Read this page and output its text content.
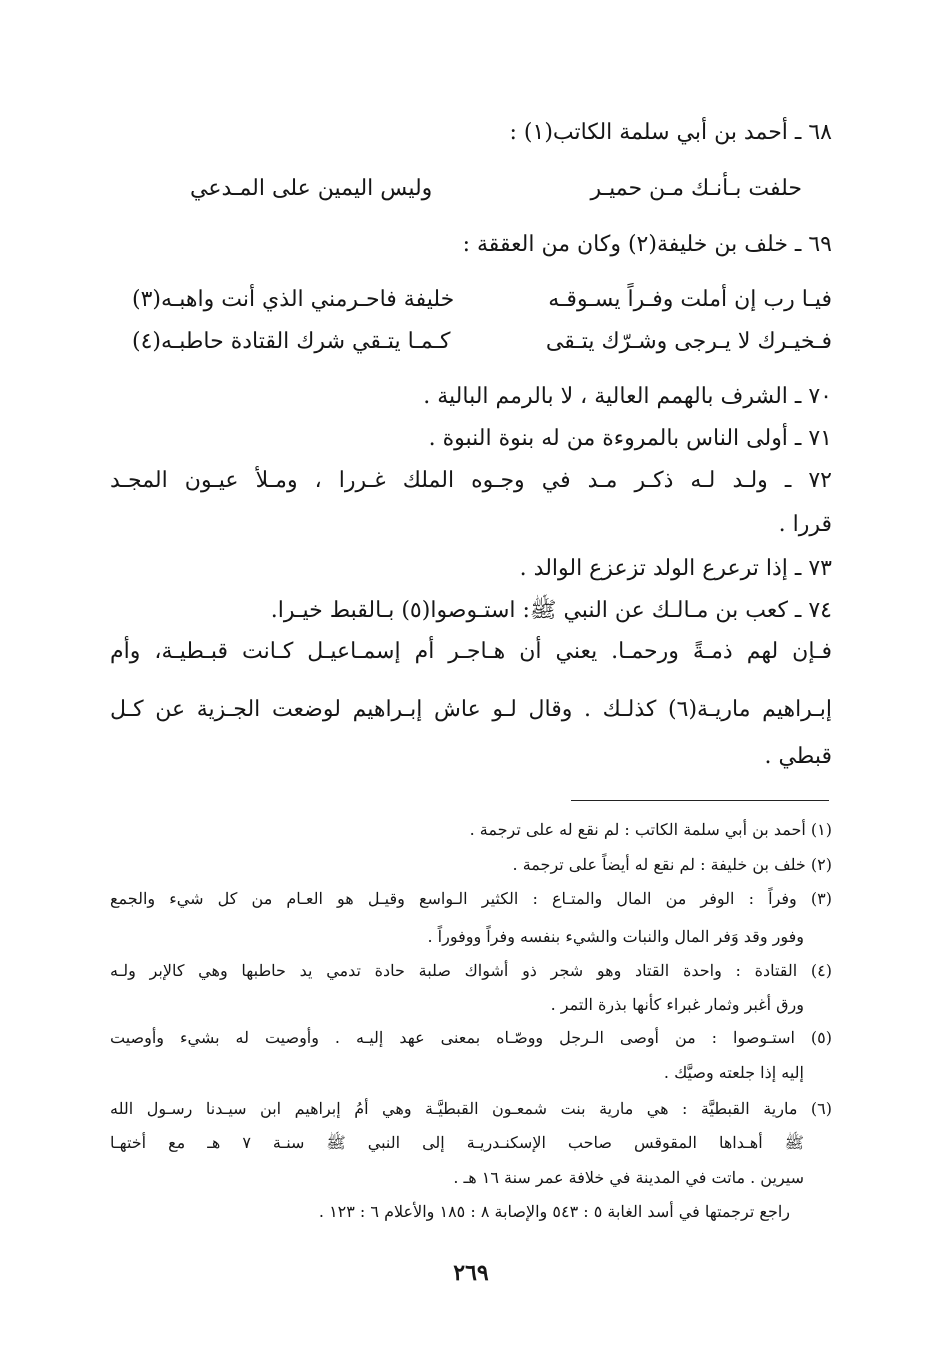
٦٨ ـ أحمد بن أبي سلمة الكاتب(١) :
حلفت بـأنـك مـن حميـر
وليس اليمين على المـدعي
٦٩ ـ خلف بن خليفة(٢) وكان من العققة :
فيـا رب إن أملت وفـراً يسـوقـه
خليفة فاحـرمني الذي أنت واهبـه(٣)
فـخيـرك لا يـرجى وشـرّك يتـقى
كـمـا يتـقي شرك القتادة حاطبـه(٤)
٧٠ ـ الشرف بالهمم العالية ، لا بالرمم البالية .
٧١ ـ أولى الناس بالمروءة من له بنوة النبوة .
٧٢ ـ ولـد لـه ذكـر مـد في وجـوه الملك غـررا ، ومـلأ عيـون المجـد
قررا .
٧٣ ـ إذا ترعرع الولد تزعزع الوالد .
٧٤ ـ كعب بن مـالـك عن النبي ﷺ: استـوصوا(٥) بـالقبط خيـرا.
فـإن لهم ذمـةً ورحمـا. يعني أن هـاجـر أم إسمـاعيـل كـانت قبـطيـة، وأم
إبـراهيم ماريـة(٦) كذلـك . وقال لـو عاش إبـراهيم لوضعت الجـزية عن كـل
قبطي .
(١) أحمد بن أبي سلمة الكاتب : لم نقع له على ترجمة .
(٢) خلف بن خليفة : لم نقع له أيضاً على ترجمة .
(٣) وفراً : الوفر من المال والمتـاع : الكثير الـواسع وقيـل هو العـام من كل شيء والجمع
وفور وقد وَفر المال والنبات والشيء بنفسه وفراً ووفوراً .
(٤) القتادة : واحدة القتاد وهو شجر ذو أشواك صلبة حادة تدمي يد حاطبها وهي كالإبر ولـه
ورق أغبر وثمار غبراء كأنها بذرة التمر .
(٥) استـوصوا : من أوصى الـرجل ووصّـاه بمعنى عهد إليـه . وأوصيت له بشيء وأوصيت
إليه إذا جلعته وصيَّك .
(٦) مارية القبطيَّة : هي مارية بنت شمعـون القبطيَّـة وهي أمُ إبراهيم ابن سيـدنا رسـول الله
ﷺ أهـداها المقوقس صاحب الإسكنـدريـة إلى النبي ﷺ سنـة ٧ هـ مع أختهـا
سيرين . ماتت في المدينة في خلافة عمر سنة ١٦ هـ .
راجع ترجمتها في أسد الغابة ٥ : ٥٤٣ والإصابة ٨ : ١٨٥ والأعلام ٦ : ١٢٣ .
٢٦٩
